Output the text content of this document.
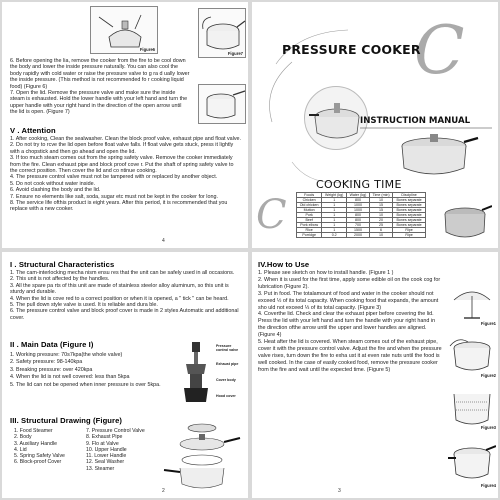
Figure6
Figure7
6. Before opening the lia, remove the cooker from the fire to be cool down the body and lower the inside pressure naturally. You can also cool the body rapidly with cold water or raise the pressure valve to g ra d ually lower the inside pressure. (This method is not recommended fo r cooking liquid food) (Figure 6)
7. Open the lid. Remove the pressure valve and make sure the inside steam is exhausted. Hold the lower handle with your left hand and turn the upper handle with your right hand in the direction of the open arrow until the lid is open. (Figure 7)
V . Attention
1. After cooking, Clean the sealwasher. Clean the block proof valve, exhaust pipe and float valve.
2. Do not try to rcve the lid open before float valve falls. If float valve gets stuck, press it lightly with a chopstick and then go ahead and open the lid.
3. If too much steam comes out from the spring safety valve. Remove the cooker immediately from the fire. Clean exhaust pipe and block proof cove r. Put the shaft of spring safety valve to the correct position. Then cover the lid and co ntinue cooking.
4. The pressure control valve must not be tampered with or replaced by another object.
5. Do not cook without water inside.
6. Avoid clashing the body and the lid.
7. Ensure no elements like salt, soda, sugar etc must not be kept in the cooker for long.
8. The service life ofthis product is eight years. After this period, it is recommended that you replace with a new cooker.
4
C
PRESSURE COOKER
INSTRUCTION MANUAL
COOKING TIME
C	Foods	Weight (kg)	Water (kg)	Time (min)	Discipline
Chicken	1	800	10	Bones separate
Old chicken	1	1000	15	Bones separate
Mutton	1	1000	15	Bones separate
Pork	1	800	10	Bones separate
Beef	1	800	20	Bones separate
Pork elbow	1	700	25	Bones separate
Rice	1	1500	6	Ripe
Porridge	0.2	2000	10	Ripe
I . Structural Characteristics
1. The cam-interlocking mecha nism ensu res that the unit can be safely used in all occasions.
2. This unit is not affected by the handles.
3. All the spare pa rts of this unit are made of stainless steelor alloy aluminum, so this unit is sturdy and durable.
4. When the lid is cove red to a correct position or when it is opened, a " tick " can be heard.
5. The pull down style valve is used. It is reliable and dura ble.
6. The pressure control valve and block proof cover is made in 2 styles Automatic and additional cover.
II . Main Data (Figure I)
1. Working pressure: 70s7kpa(the whole valve)
2. Safety pressure: 98-140kpa
3. Breaking pressure: over 420kpa
4. When the lid is not well covered: less than 5kpa
5. The lid can not be opened when inner pressure is over 5kpa.
Pressure control valve
Exhaust pipe
Cover body
Hood cover
III. Structural Drawing (Figure)
1. Food Steamer
2. Body
3. Auxiliary Handle
4. Lid
5. Spring Safety Valve
6. Block-proof Cover
7. Pressure Control Valve
8. Exhaust Pipe
9. Flo at Valve
10. Upper Handle
11. Lower Handle
12. Seal Washer
13. Steamer
2
IV.How to Use
1. Please see sketch on how to install handle. (Figure 1 )
2. When it is used for the first time, apply some edible oil on the cook cog for lubrication (Figure 2).
3. Put in food. The totalamount of food and water in the cooker should not exceed ½ of its total capacity. When cooking food that expands, the amount sho uld not exceed ⅓ of its total capacity. (Figure 3)
4. Coverthe lid. Check and clear the exhaust piper before covering the lid. Press the lid with your left hand and turn the handle with your right hand in the direction ofthe arrow until the upper and lower handles are aligned. (Figure 4)
5. Heat after the lid is covered. When steam comes out of the exhaust pipe, cover it with the pressure control valve. Adjust the fire and when the pressure valve rises, turn down the fire to exha ust it at even rate nuts until the food is well cooked. In the case of easily cooked food, remove the pressure cooker from the fire and wait until the expected time. (Figure 5)
Figure1
Figure2
Figure3
Figure4
3
